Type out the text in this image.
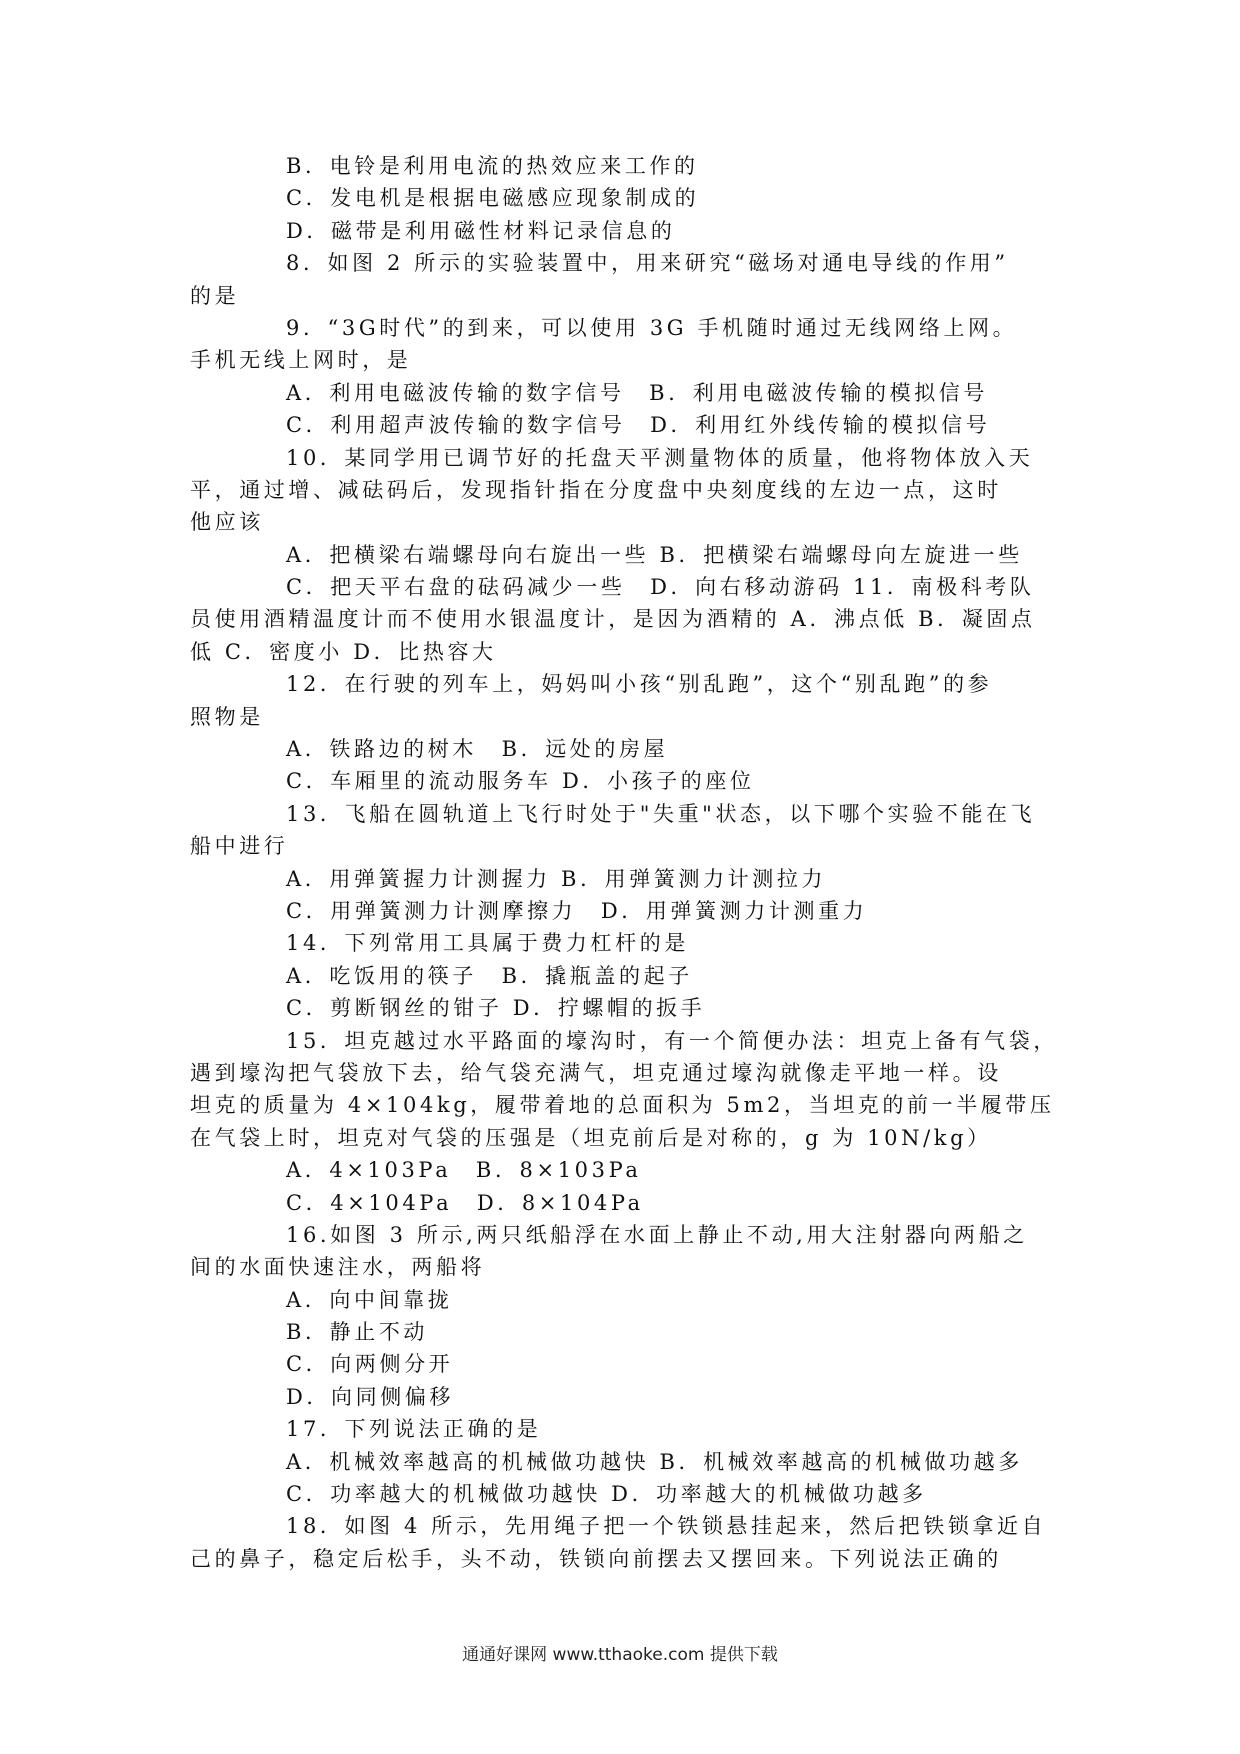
B．电铃是利用电流的热效应来工作的
C．发电机是根据电磁感应现象制成的
D．磁带是利用磁性材料记录信息的
8．如图 2 所示的实验装置中，用来研究“磁场对通电导线的作用”
的是
9．“3G时代”的到来，可以使用 3G 手机随时通过无线网络上网。
手机无线上网时，是
A．利用电磁波传输的数字信号　B．利用电磁波传输的模拟信号
C．利用超声波传输的数字信号　D．利用红外线传输的模拟信号
10．某同学用已调节好的托盘天平测量物体的质量，他将物体放入天
平，通过增、减砝码后，发现指针指在分度盘中央刻度线的左边一点，这时
他应该
A．把横梁右端螺母向右旋出一些 B．把横梁右端螺母向左旋进一些
C．把天平右盘的砝码减少一些　D．向右移动游码 11．南极科考队
员使用酒精温度计而不使用水银温度计，是因为酒精的 A．沸点低 B．凝固点
低 C．密度小 D．比热容大
12．在行驶的列车上，妈妈叫小孩“别乱跑”，这个“别乱跑”的参
照物是
A．铁路边的树木　B．远处的房屋
C．车厢里的流动服务车 D．小孩子的座位
13．飞船在圆轨道上飞行时处于"失重"状态，以下哪个实验不能在飞
船中进行
A．用弹簧握力计测握力 B．用弹簧测力计测拉力
C．用弹簧测力计测摩擦力　D．用弹簧测力计测重力
14．下列常用工具属于费力杠杆的是
A．吃饭用的筷子　B．撬瓶盖的起子
C．剪断钢丝的钳子 D．拧螺帽的扳手
15．坦克越过水平路面的壕沟时，有一个简便办法：坦克上备有气袋，
遇到壕沟把气袋放下去，给气袋充满气，坦克通过壕沟就像走平地一样。设
坦克的质量为 4×104kg，履带着地的总面积为 5m2，当坦克的前一半履带压
在气袋上时，坦克对气袋的压强是（坦克前后是对称的，g 为 10N/kg）
A．4×103Pa　B．8×103Pa
C．4×104Pa　D．8×104Pa
16.如图 3 所示,两只纸船浮在水面上静止不动,用大注射器向两船之
间的水面快速注水，两船将
A．向中间靠拢
B．静止不动
C．向两侧分开
D．向同侧偏移
17．下列说法正确的是
A．机械效率越高的机械做功越快 B．机械效率越高的机械做功越多
C．功率越大的机械做功越快 D．功率越大的机械做功越多
18．如图 4 所示，先用绳子把一个铁锁悬挂起来，然后把铁锁拿近自
己的鼻子，稳定后松手，头不动，铁锁向前摆去又摆回来。下列说法正确的
通通好课网 www.tthaoke.com 提供下载
